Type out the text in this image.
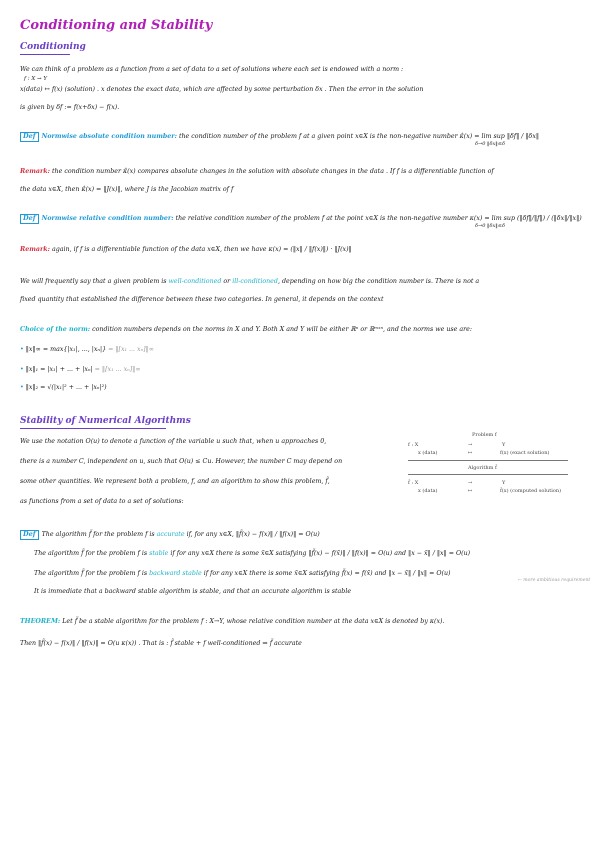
Conditioning and Stability
Conditioning
We can think of a problem as a function from a set of data to a set of solutions where each set is endowed with a norm :
f : X → Y
x(data) ↦ f(x) (solution) . x denotes the exact data, which are affected by some perturbation δx . Then the error in the solution
is given by δf := f(x+δx) − f(x).
Def Normwise absolute condition number: the condition number of the problem f at a given point x∈X is the non-negative number κ̂(x) = lim sup ‖δf‖ / ‖δx‖
δ→0 ‖δx‖≤δ
Remark: the condition number κ̂(x) compares absolute changes in the solution with absolute changes in the data . If f is a differentiable function of
the data x∈X, then κ̂(x) = ‖J(x)‖, where J is the Jacobian matrix of f
Def Normwise relative condition number: the relative condition number of the problem f at the point x∈X is the non-negative number κ(x) = lim sup (‖δf‖/‖f‖) / (‖δx‖/‖x‖)
δ→0 ‖δx‖≤δ
Remark: again, if f is a differentiable function of the data x∈X, then we have κ(x) = (‖x‖ / ‖f(x)‖) · ‖J(x)‖
We will frequently say that a given problem is well-conditioned or ill-conditioned, depending on how big the condition number is. There is not a
fixed quantity that established the difference between these two categories. In general, it depends on the context
Choice of the norm: condition numbers depends on the norms in X and Y. Both X and Y will be either ℝⁿ or ℝᵐˣⁿ, and the norms we use are:
• ‖x‖∞ = max{|x₁|, ..., |xₙ|} = ‖[x₁ ... xₙ]‖∞
• ‖x‖₁ = |x₁| + ... + |xₙ| = ‖[x₁ ... xₙ]‖∞
• ‖x‖₂ = √(|x₁|² + ... + |xₙ|²)
Stability of Numerical Algorithms
We use the notation O(u) to denote a function of the variable u such that, when u approaches 0,
there is a number C, independent on u, such that O(u) ≤ Cu. However, the number C may depend on
some other quantities. We represent both a problem, f, and an algorithm to show this problem, f̃,
as functions from a set of data to a set of solutions:
Problem f
f : X	→	Y
x (data)	↦	f(x) (exact solution)
Algorithm f̃
f̃ : X	→	Y
x (data)	↦	f̃(x) (computed solution)
Def The algorithm f̃ for the problem f is accurate if, for any x∈X, ‖f̃(x) − f(x)‖ / ‖f(x)‖ = O(u)
The algorithm f̃ for the problem f is stable if for any x∈X there is some x̃∈X satisfying ‖f̃(x) − f(x̃)‖ / ‖f(x)‖ = O(u) and ‖x − x̃‖ / ‖x‖ = O(u)
The algorithm f̃ for the problem f is backward stable if for any x∈X there is some x̃∈X satisfying f̃(x) = f(x̃) and ‖x − x̃‖ / ‖x‖ = O(u)
← more ambitious requirement
It is immediate that a backward stable algorithm is stable, and that an accurate algorithm is stable
THEOREM: Let f̃ be a stable algorithm for the problem f : X→Y, whose relative condition number at the data x∈X is denoted by κ(x).
Then ‖f̃(x) − f(x)‖ / ‖f(x)‖ = O(u κ(x)) . That is : f̃ stable + f well-conditioned ⇒ f̃ accurate
